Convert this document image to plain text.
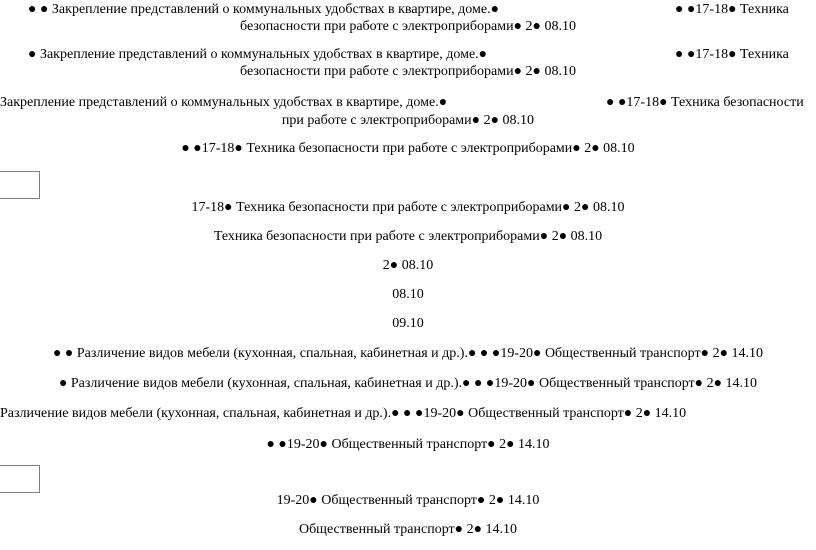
● ● Закрепление представлений о коммунальных удобствах в квартире, доме.●	● ●17-18● Техника
безопасности при работе с электроприборами● 2● 08.10
● Закрепление представлений о коммунальных удобствах в квартире, доме.●	● ●17-18● Техника
безопасности при работе с электроприборами● 2● 08.10
Закрепление представлений о коммунальных удобствах в квартире, доме.●	● ●17-18● Техника безопасности
при работе с электроприборами● 2● 08.10
● ●17-18● Техника безопасности при работе с электроприборами● 2● 08.10
17-18● Техника безопасности при работе с электроприборами● 2● 08.10
Техника безопасности при работе с электроприборами● 2● 08.10
2● 08.10
08.10
09.10
● ● Различение видов мебели (кухонная, спальная, кабинетная и др.).● ● ●19-20● Общественный транспорт● 2● 14.10
● Различение видов мебели (кухонная, спальная, кабинетная и др.).● ● ●19-20● Общественный транспорт● 2● 14.10
Различение видов мебели (кухонная, спальная, кабинетная и др.).● ● ●19-20● Общественный транспорт● 2● 14.10
● ●19-20● Общественный транспорт● 2● 14.10
19-20● Общественный транспорт● 2● 14.10
Общественный транспорт● 2● 14.10
